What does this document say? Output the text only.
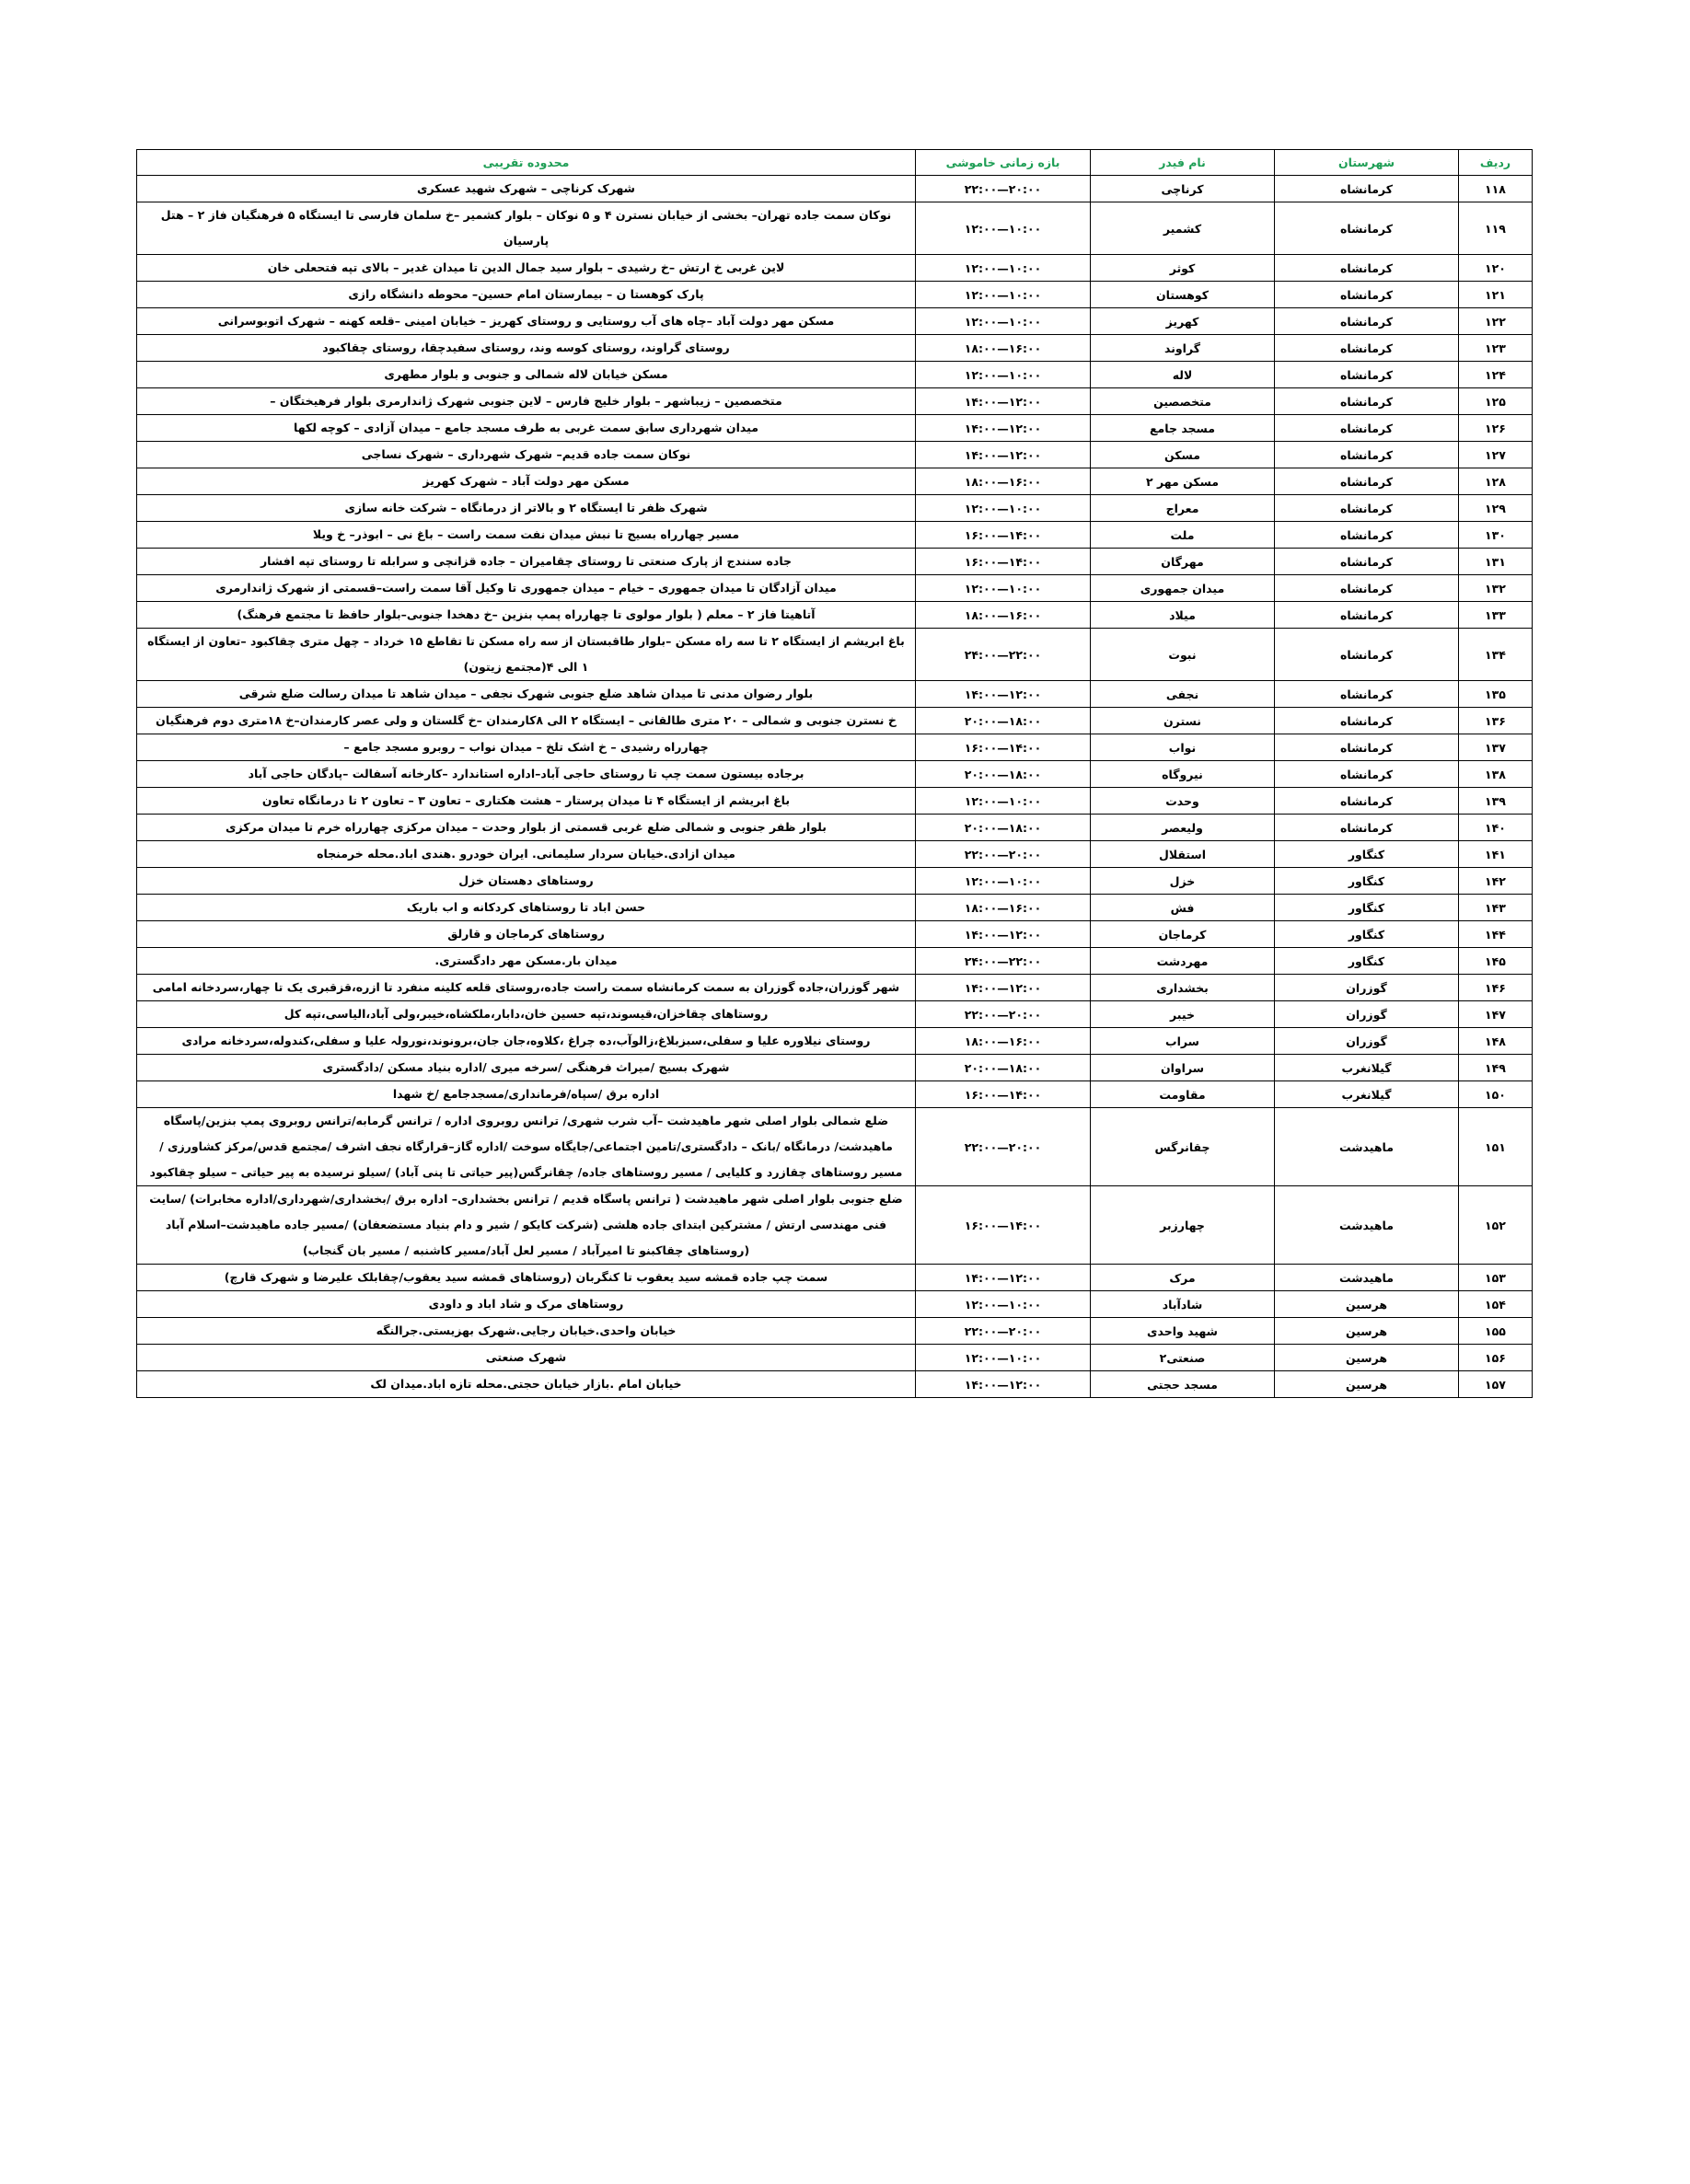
ردیف	شهرستان	نام فیدر	بازه زمانی خاموشی	محدوده تقریبی
۱۱۸	کرمانشاه	کرناچی	۲۰:۰۰—۲۲:۰۰	شهرک کرناچی – شهرک شهید عسکری
۱۱۹	کرمانشاه	کشمیر	۱۰:۰۰—۱۲:۰۰	نوکان سمت جاده تهران– بخشی از خیابان نسترن ۴ و ۵ نوکان – بلوار کشمیر –خ سلمان فارسی تا ایستگاه ۵ فرهنگیان فاز ۲ – هتل پارسیان
۱۲۰	کرمانشاه	کوثر	۱۰:۰۰—۱۲:۰۰	لاین غربی خ ارتش –خ رشیدی – بلوار سید جمال الدین تا میدان غدیر – بالای تپه فتحعلی خان
۱۲۱	کرمانشاه	کوهستان	۱۰:۰۰—۱۲:۰۰	پارک کوهستا ن – بیمارستان امام حسین– محوطه دانشگاه رازی
۱۲۲	کرمانشاه	کهریز	۱۰:۰۰—۱۲:۰۰	مسکن مهر دولت آباد –چاه های آب روستایی و روستای کهریز – خیابان امینی –قلعه کهنه – شهرک اتوبوسرانی
۱۲۳	کرمانشاه	گراوند	۱۶:۰۰—۱۸:۰۰	روستای گراوند، روستای کوسه وند، روستای سفیدچقا، روستای چقاکبود
۱۲۴	کرمانشاه	لاله	۱۰:۰۰—۱۲:۰۰	مسکن خیابان لاله شمالی و جنوبی و بلوار مطهری
۱۲۵	کرمانشاه	متخصصین	۱۲:۰۰—۱۴:۰۰	متخصصین – زیباشهر – بلوار خلیج فارس – لاین جنوبی شهرک ژاندارمری بلوار فرهیختگان –
۱۲۶	کرمانشاه	مسجد جامع	۱۲:۰۰—۱۴:۰۰	میدان شهرداری سابق سمت غربی به طرف مسجد جامع – میدان آزادی – کوچه لکها
۱۲۷	کرمانشاه	مسکن	۱۲:۰۰—۱۴:۰۰	نوکان سمت جاده قدیم– شهرک شهرداری – شهرک نساجی
۱۲۸	کرمانشاه	مسکن مهر ۲	۱۶:۰۰—۱۸:۰۰	مسکن مهر دولت آباد – شهرک کهریز
۱۲۹	کرمانشاه	معراج	۱۰:۰۰—۱۲:۰۰	شهرک ظفر تا ایستگاه ۲ و بالاتر از درمانگاه – شرکت خانه سازی
۱۳۰	کرمانشاه	ملت	۱۴:۰۰—۱۶:۰۰	مسیر چهارراه بسیج تا نبش میدان نفت سمت راست – باغ نی – ابوذر– خ ویلا
۱۳۱	کرمانشاه	مهرگان	۱۴:۰۰—۱۶:۰۰	جاده سنندج از پارک صنعتی تا روستای چقامیران – جاده قزانچی و سرابله تا روستای تپه افشار
۱۳۲	کرمانشاه	میدان جمهوری	۱۰:۰۰—۱۲:۰۰	میدان آزادگان تا میدان جمهوری – خیام – میدان جمهوری تا وکیل آقا سمت راست–قسمتی از شهرک ژاندارمری
۱۳۳	کرمانشاه	میلاد	۱۶:۰۰—۱۸:۰۰	آتاهیتا فاز ۲ – معلم ( بلوار مولوی تا چهارراه پمپ بنزین –خ دهخدا جنوبی–بلوار حافظ تا مجتمع فرهنگ)
۱۳۴	کرمانشاه	نبوت	۲۲:۰۰—۲۴:۰۰	باغ ابریشم از ایستگاه ۲ تا سه راه مسکن –بلوار طاقبستان از سه راه مسکن تا تقاطع ۱۵ خرداد – چهل متری چقاکبود –تعاون از ایستگاه ۱ الی ۴(مجتمع زیتون)
۱۳۵	کرمانشاه	نجفی	۱۲:۰۰—۱۴:۰۰	بلوار رضوان مدنی تا میدان شاهد ضلع جنوبی شهرک نجفی – میدان شاهد تا میدان رسالت ضلع شرقی
۱۳۶	کرمانشاه	نسترن	۱۸:۰۰—۲۰:۰۰	خ نسترن جنوبی و شمالی – ۲۰ متری طالقانی – ایستگاه ۲ الی ۸کارمندان –خ گلستان و ولی عصر کارمندان–خ ۱۸متری دوم فرهنگیان
۱۳۷	کرمانشاه	نواب	۱۴:۰۰—۱۶:۰۰	چهارراه رشیدی – خ اشک تلخ – میدان نواب – روبرو مسجد جامع –
۱۳۸	کرمانشاه	نیروگاه	۱۸:۰۰—۲۰:۰۰	برجاده بیستون سمت چپ تا روستای حاجی آباد–اداره استاندارد –کارخانه آسفالت –پادگان حاجی آباد
۱۳۹	کرمانشاه	وحدت	۱۰:۰۰—۱۲:۰۰	باغ ابریشم از ایستگاه ۴ تا میدان پرستار – هشت هکتاری – تعاون ۳ – تعاون ۲ تا درمانگاه تعاون
۱۴۰	کرمانشاه	ولیعصر	۱۸:۰۰—۲۰:۰۰	بلوار ظفر جنوبی و شمالی ضلع غربی قسمتی از بلوار وحدت – میدان مرکزی چهارراه خرم تا میدان مرکزی
۱۴۱	کنگاور	استقلال	۲۰:۰۰—۲۲:۰۰	میدان ازادی.خیابان سردار سلیمانی. ایران خودرو .هندی اباد.محله خرمنجاه
۱۴۲	کنگاور	خزل	۱۰:۰۰—۱۲:۰۰	روستاهای دهستان خزل
۱۴۳	کنگاور	فش	۱۶:۰۰—۱۸:۰۰	حسن اباد تا روستاهای کردکانه و اب باریک
۱۴۴	کنگاور	کرماجان	۱۲:۰۰—۱۴:۰۰	روستاهای کرماجان و قارلق
۱۴۵	کنگاور	مهردشت	۲۲:۰۰—۲۴:۰۰	میدان بار.مسکن مهر دادگستری.
۱۴۶	گوزران	بخشداری	۱۲:۰۰—۱۴:۰۰	شهر گوزران،جاده گوزران به سمت کرمانشاه سمت راست جاده،روستای قلعه کلینه منفرد تا ازره،قزقبری یک تا چهار،سردخانه امامی
۱۴۷	گوزران	خیبر	۲۰:۰۰—۲۲:۰۰	روستاهای چقاخزان،قیسوند،تپه حسین خان،دابار،ملکشاه،خیبر،ولی آباد،الیاسی،تپه کل
۱۴۸	گوزران	سراب	۱۶:۰۰—۱۸:۰۰	روستای نیلاوره علیا و سفلی،سبزبلاغ،زالوآب،ده چراغ ،کلاوه،جان جان،برونوند،نورولہ علیا و سفلی،کندوله،سردخانه مرادی
۱۴۹	گیلانغرب	سراوان	۱۸:۰۰—۲۰:۰۰	شهرک بسیج /میراث فرهنگی /سرخه میری /اداره بنیاد مسکن /دادگستری
۱۵۰	گیلانغرب	مقاومت	۱۴:۰۰—۱۶:۰۰	اداره برق /سپاه/فرمانداری/مسجدجامع /خ شهدا
۱۵۱	ماهیدشت	چقانرگس	۲۰:۰۰—۲۲:۰۰	ضلع شمالی بلوار اصلی شهر ماهیدشت –آب شرب شهری/ ترانس روبروی اداره / ترانس گرمابه/ترانس روبروی پمپ بنزین/پاسگاه ماهیدشت/ درمانگاه /بانک – دادگستری/تامین اجتماعی/جایگاه سوخت /اداره گاز–قرارگاه نجف اشرف /مجتمع قدس/مرکز کشاورزی /مسیر روستاهای چقازرد و کلیایی / مسیر روستاهای جاده/ چقانرگس(پیر حیاتی تا پنی آباد) /سیلو نرسیده به پیر حیاتی – سیلو چقاکبود
۱۵۲	ماهیدشت	چهارزبر	۱۴:۰۰—۱۶:۰۰	ضلع جنوبی بلوار اصلی شهر ماهیدشت ( ترانس پاسگاه قدیم / ترانس بخشداری– اداره برق /بخشداری/شهرداری/اداره مخابرات) /سایت فنی مهندسی ارتش / مشترکین ابتدای جاده هلشی (شرکت کایکو / شیر و دام بنیاد مستضعفان) /مسیر جاده ماهیدشت–اسلام آباد (روستاهای چقاکبنو تا امیرآباد / مسیر لعل آباد/مسیر کاشنبه / مسیر بان گنجاب)
۱۵۳	ماهیدشت	مرک	۱۲:۰۰—۱۴:۰۰	سمت چپ جاده قمشه سید یعقوب تا کنگربان (روستاهای قمشه سید یعقوب/چقابلک علیرضا و شهرک قارچ)
۱۵۴	هرسین	شادآباد	۱۰:۰۰—۱۲:۰۰	روستاهای مرک و شاد اباد و داودی
۱۵۵	هرسین	شهید واحدی	۲۰:۰۰—۲۲:۰۰	خیابان واحدی.خیابان رجایی.شهرک بهزیستی.جرالنگه
۱۵۶	هرسین	صنعتی۲	۱۰:۰۰—۱۲:۰۰	شهرک صنعتی
۱۵۷	هرسین	مسجد حجتی	۱۲:۰۰—۱۴:۰۰	خیابان امام .بازار خیابان حجتی.محله تازه اباد.میدان لک
